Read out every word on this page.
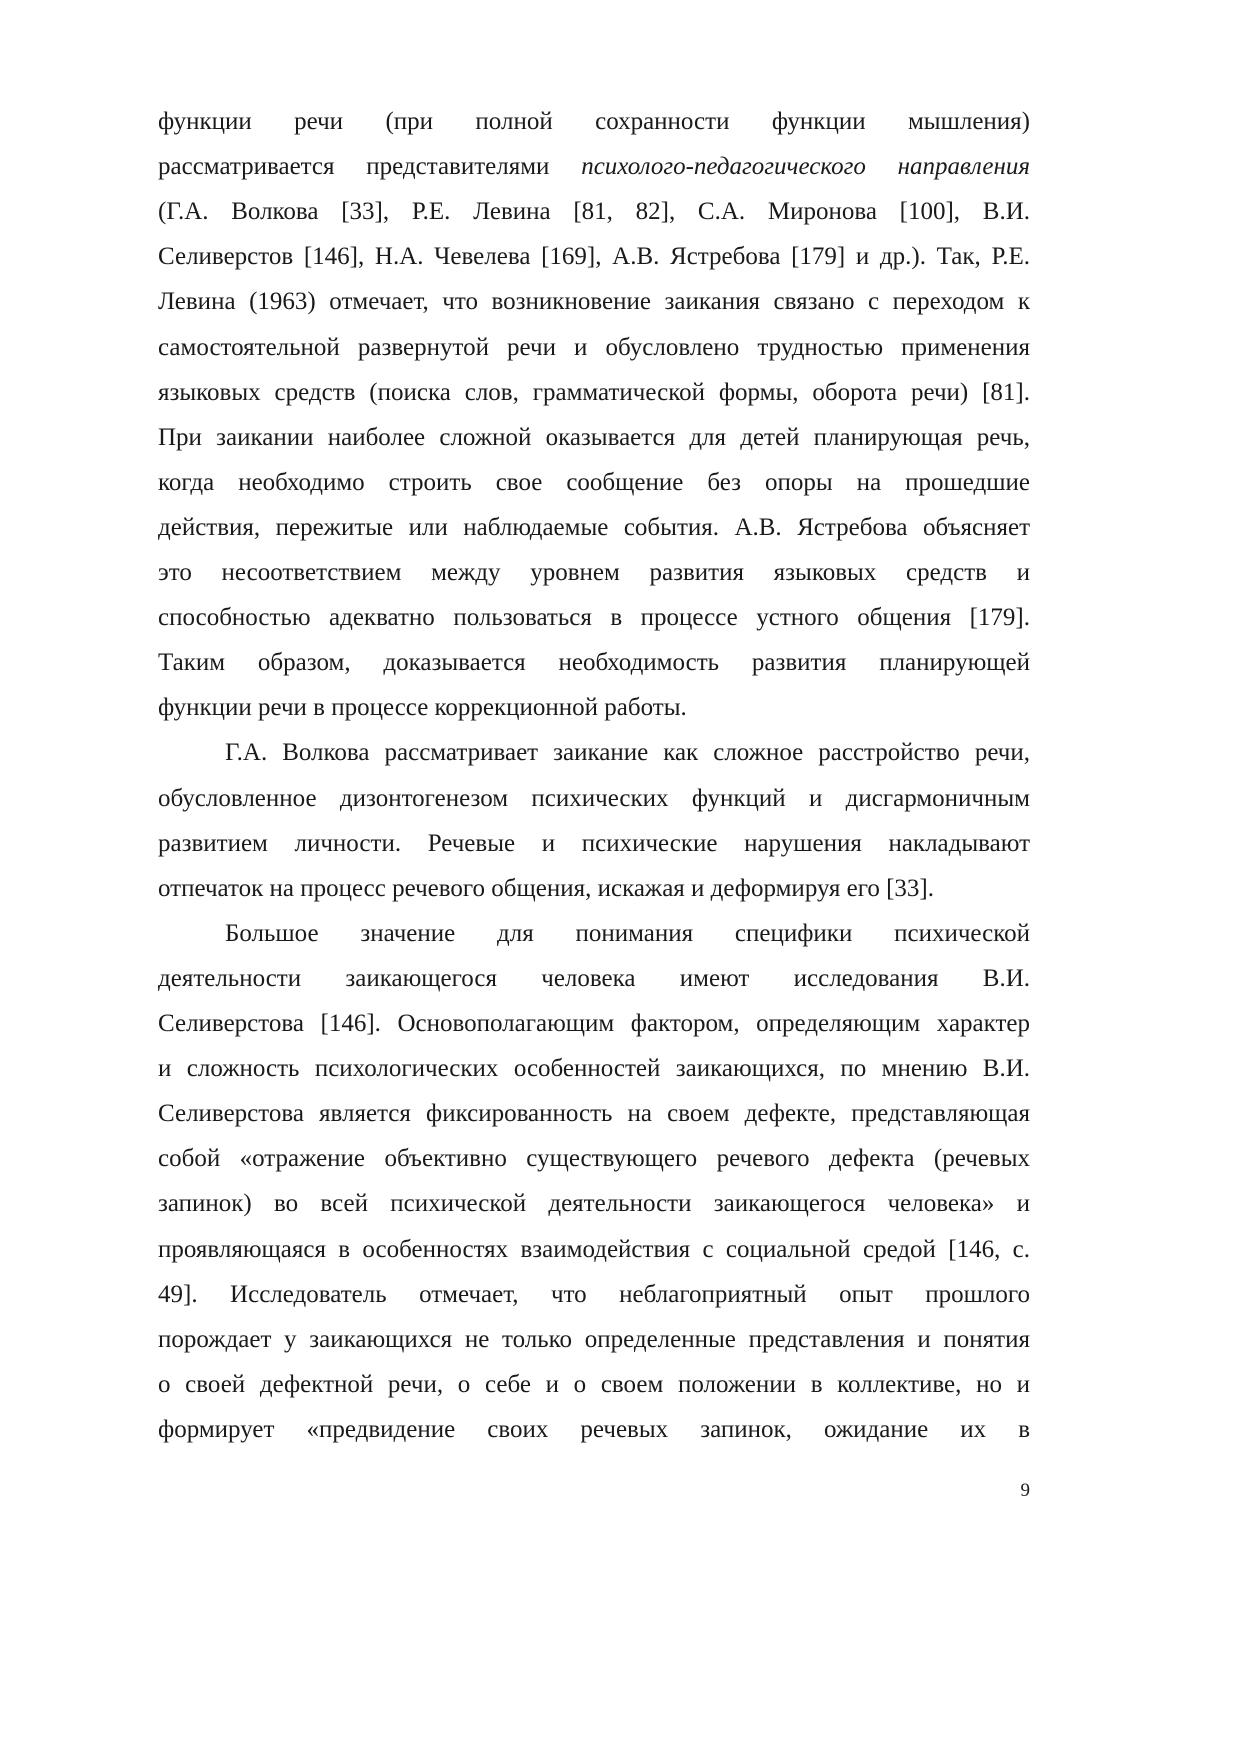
9
функции речи (при полной сохранности функции мышления)
рассматривается представителями психолого-педагогического направления
(Г.А. Волкова [33], Р.Е. Левина [81, 82], С.А. Миронова [100], В.И.
Селиверстов [146], Н.А. Чевелева [169], А.В. Ястребова [179] и др.). Так, Р.Е.
Левина (1963) отмечает, что возникновение заикания связано с переходом к
самостоятельной развернутой речи и обусловлено трудностью применения
языковых средств (поиска слов, грамматической формы, оборота речи) [81].
При заикании наиболее сложной оказывается для детей планирующая речь,
когда необходимо строить свое сообщение без опоры на прошедшие
действия, пережитые или наблюдаемые события. А.В. Ястребова объясняет
это несоответствием между уровнем развития языковых средств и
способностью адекватно пользоваться в процессе устного общения [179].
Таким образом, доказывается необходимость развития планирующей
функции речи в процессе коррекционной работы.
Г.А. Волкова рассматривает заикание как сложное расстройство речи,
обусловленное дизонтогенезом психических функций и дисгармоничным
развитием личности. Речевые и психические нарушения накладывают
отпечаток на процесс речевого общения, искажая и деформируя его [33].
Большое значение для понимания специфики психической
деятельности заикающегося человека имеют исследования В.И.
Селиверстова [146]. Основополагающим фактором, определяющим характер
и сложность психологических особенностей заикающихся, по мнению В.И.
Селиверстова является фиксированность на своем дефекте, представляющая
собой «отражение объективно существующего речевого дефекта (речевых
запинок) во всей психической деятельности заикающегося человека» и
проявляющаяся в особенностях взаимодействия с социальной средой [146, с.
49]. Исследователь отмечает, что неблагоприятный опыт прошлого
порождает у заикающихся не только определенные представления и понятия
о своей дефектной речи, о себе и о своем положении в коллективе, но и
формирует «предвидение своих речевых запинок, ожидание их в
